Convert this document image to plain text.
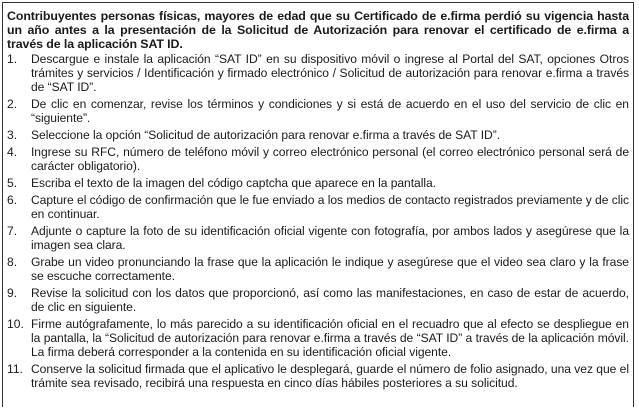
Contribuyentes personas físicas, mayores de edad que su Certificado de e.firma perdió su vigencia hasta un año antes a la presentación de la Solicitud de Autorización para renovar el certificado de e.firma a través de la aplicación SAT ID.

1.	Descargue e instale la aplicación “SAT ID” en su dispositivo móvil o ingrese al Portal del SAT, opciones Otros trámites y servicios / Identificación y firmado electrónico / Solicitud de autorización para renovar e.firma a través de “SAT ID”.
2.	De clic en comenzar, revise los términos y condiciones y si está de acuerdo en el uso del servicio de clic en “siguiente”.
3.	Seleccione la opción “Solicitud de autorización para renovar e.firma a través de SAT ID”.
4.	Ingrese su RFC, número de teléfono móvil y correo electrónico personal (el correo electrónico personal será de carácter obligatorio).
5.	Escriba el texto de la imagen del código captcha que aparece en la pantalla.
6.	Capture el código de confirmación que le fue enviado a los medios de contacto registrados previamente y de clic en continuar.
7.	Adjunte o capture la foto de su identificación oficial vigente con fotografía, por ambos lados y asegúrese que la imagen sea clara.
8.	Grabe un video pronunciando la frase que la aplicación le indique y asegúrese que el video sea claro y la frase se escuche correctamente.
9.	Revise la solicitud con los datos que proporcionó, así como las manifestaciones, en caso de estar de acuerdo, de clic en siguiente.
10. Firme autógrafamente, lo más parecido a su identificación oficial en el recuadro que al efecto se despliegue en la pantalla, la “Solicitud de autorización para renovar e.firma a través de “SAT ID” a través de la aplicación móvil. La firma deberá corresponder a la contenida en su identificación oficial vigente.
11. Conserve la solicitud firmada que el aplicativo le desplegará, guarde el número de folio asignado, una vez que el trámite sea revisado, recibirá una respuesta en cinco días hábiles posteriores a su solicitud.
